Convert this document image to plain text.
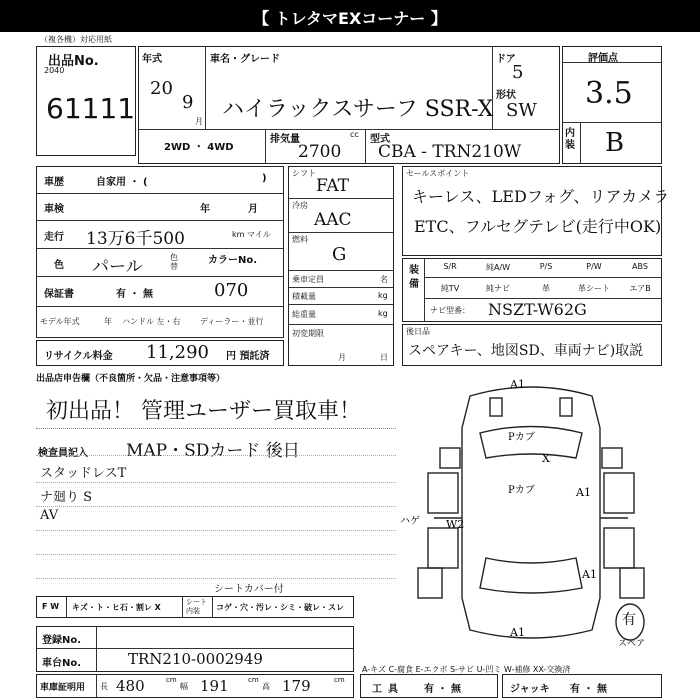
【 トレタマEXコーナー 】
（複各機）対応用紙
出品No.
2040
61111
年式
20
9
月
車名・グレード
ハイラックスサーフ SSR-X
ドア
5
形状
SW
2WD ・ 4WD
排気量	cc
2700
型式
CBA - TRN210W
評価点
3.5
内装 B
車歴	自家用 ・ (	)
車検	年	月
走行 13万6千500	km マイル
色 パール	色替
カラーNo.
070
保証書	有 ・ 無
モデル年式	年 ハンドル 左・右 ディーラー・並行
リサイクル料金 11,290 円 預託済
シフト
FAT
冷房
AAC
燃料
G
乗車定員	名
積載量	kg
総重量	kg
初変期限
月	日
セールスポイント
キーレス、LEDフォグ、リアカメラ
ETC、フルセグテレビ(走行中OK)
装備
S/R	純A/W	P/S	P/W	ABS
純TV	純ナビ	革	革シート	エアB
ナビ型番： NSZT-W62G
後日品
スペアキー、地図SD、車両ナビ)取説
出品店申告欄（不良箇所・欠品・注意事項等）
初出品！ 管理ユーザー買取車！
検査員記入 MAP・SDカード 後日
スタッドレスT
ナ廻り S
AV
A1
Pカブ
X
Pカブ	A1
W2
A1
A1
ハゲ
有
スペア
シートカバー付
F W キズ・ト・ヒ石・割レ X
シート 内装	コゲ・穴・汚レ・シミ・破レ・スレ
登録No.
車台No.	TRN210-0002949
A-キズ C-腐食 E-エクボ S-サビ U-凹ミ W-補修 XX-交換済
車庫証明用 長 480	cm
幅 191	cm
高 179	cm
工具 有 ・ 無	ジャッキ 有 ・ 無
